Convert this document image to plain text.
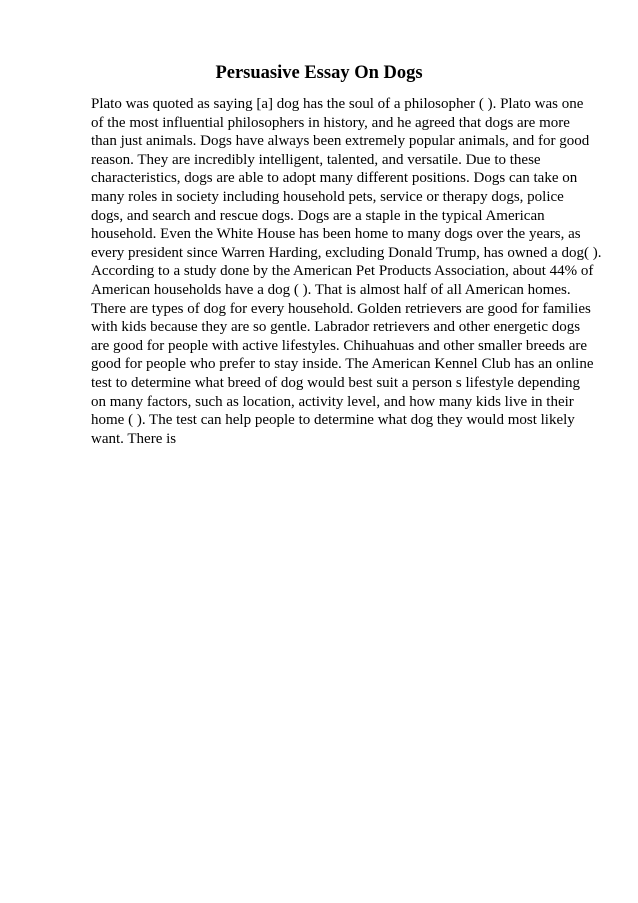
Persuasive Essay On Dogs
Plato was quoted as saying [a] dog has the soul of a philosopher ( ). Plato was one
of the most influential philosophers in history, and he agreed that dogs are more
than just animals. Dogs have always been extremely popular animals, and for good
reason. They are incredibly intelligent, talented, and versatile. Due to these
characteristics, dogs are able to adopt many different positions. Dogs can take on
many roles in society including household pets, service or therapy dogs, police
dogs, and search and rescue dogs. Dogs are a staple in the typical American
household. Even the White House has been home to many dogs over the years, as
every president since Warren Harding, excluding Donald Trump, has owned a dog( ).
According to a study done by the American Pet Products Association, about 44% of
American households have a dog ( ). That is almost half of all American homes.
There are types of dog for every household. Golden retrievers are good for families
with kids because they are so gentle. Labrador retrievers and other energetic dogs
are good for people with active lifestyles. Chihuahuas and other smaller breeds are
good for people who prefer to stay inside. The American Kennel Club has an online
test to determine what breed of dog would best suit a person s lifestyle depending
on many factors, such as location, activity level, and how many kids live in their
home ( ). The test can help people to determine what dog they would most likely
want. There is
